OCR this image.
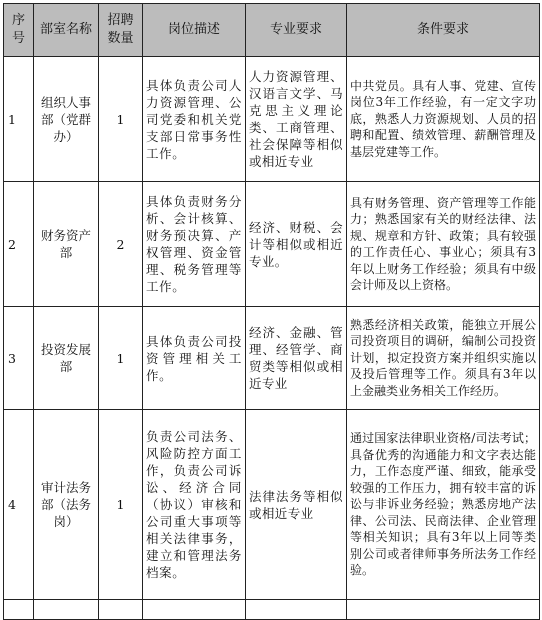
序号	部室名称	招聘数量	岗位描述	专业要求	条件要求
1	组织人事部（党群办）	1	具体负责公司人力资源管理、公司党委和机关党支部日常事务性工作。	人力资源管理、汉语言文学、马克思主义理论类、工商管理、社会保障等相似或相近专业	中共党员。具有人事、党建、宣传岗位3年工作经验，有一定文字功底，熟悉人力资源规划、人员的招聘和配置、绩效管理、薪酬管理及基层党建等工作。
2	财务资产部	2	具体负责财务分析、会计核算、财务预决算、产权管理、资金管理、税务管理等工作。	经济、财税、会计等相似或相近专业。	具有财务管理、资产管理等工作能力；熟悉国家有关的财经法律、法规、规章和方针、政策；具有较强的工作责任心、事业心；须具有3年以上财务工作经验；须具有中级会计师及以上资格。
3	投资发展部	1	具体负责公司投资管理相关工作。	经济、金融、管理、经管学、商贸类等相似或相近专业	熟悉经济相关政策，能独立开展公司投资项目的调研，编制公司投资计划，拟定投资方案并组织实施以及投后管理等工作。须具有3年以上金融类业务相关工作经历。
4	审计法务部（法务岗）	1	负责公司法务、风险防控方面工作，负责公司诉讼、经济合同（协议）审核和公司重大事项等相关法律事务，建立和管理法务档案。	法律法务等相似或相近专业	通过国家法律职业资格/司法考试；具备优秀的沟通能力和文字表达能力，工作态度严谨、细致，能承受较强的工作压力，拥有较丰富的诉讼与非诉业务经验；熟悉房地产法律、公司法、民商法律、企业管理等相关知识；具有3年以上同等类别公司或者律师事务所法务工作经验。
